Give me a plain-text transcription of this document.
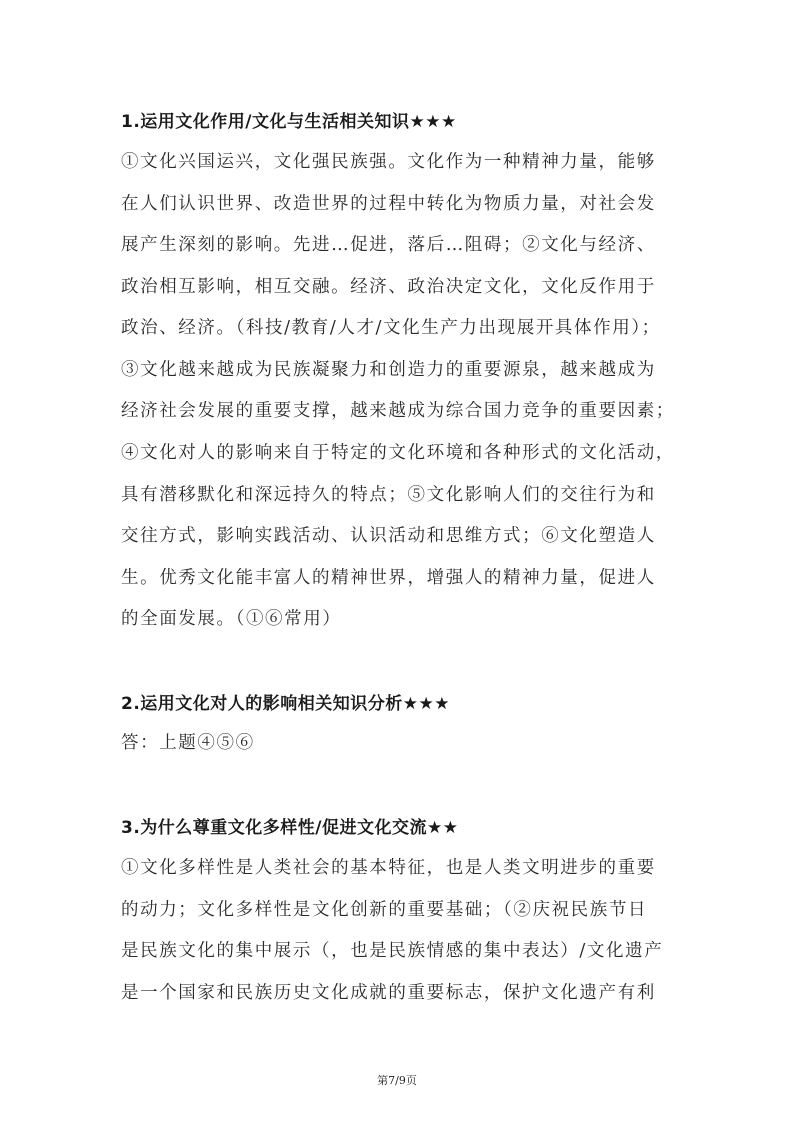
1.运用文化作用/文化与生活相关知识★★★
①文化兴国运兴，文化强民族强。文化作为一种精神力量，能够
在人们认识世界、改造世界的过程中转化为物质力量，对社会发
展产生深刻的影响。先进…促进，落后…阻碍；②文化与经济、
政治相互影响，相互交融。经济、政治决定文化，文化反作用于
政治、经济。（科技/教育/人才/文化生产力出现展开具体作用）；
③文化越来越成为民族凝聚力和创造力的重要源泉，越来越成为
经济社会发展的重要支撑，越来越成为综合国力竞争的重要因素；
④文化对人的影响来自于特定的文化环境和各种形式的文化活动，
具有潜移默化和深远持久的特点；⑤文化影响人们的交往行为和
交往方式，影响实践活动、认识活动和思维方式；⑥文化塑造人
生。优秀文化能丰富人的精神世界，增强人的精神力量，促进人
的全面发展。（①⑥常用）
2.运用文化对人的影响相关知识分析★★★
答：上题④⑤⑥
3.为什么尊重文化多样性/促进文化交流★★
①文化多样性是人类社会的基本特征，也是人类文明进步的重要
的动力；文化多样性是文化创新的重要基础；（②庆祝民族节日
是民族文化的集中展示（，也是民族情感的集中表达）/文化遗产
是一个国家和民族历史文化成就的重要标志，保护文化遗产有利
第7/9页
